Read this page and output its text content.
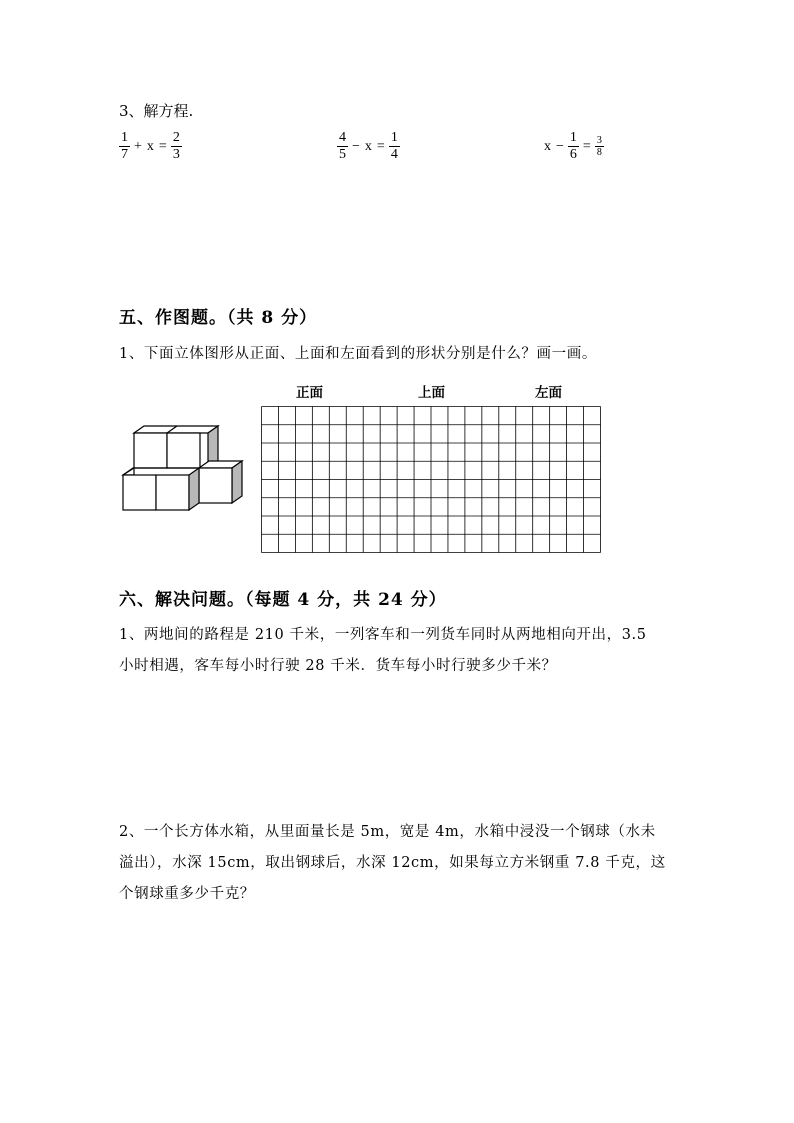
3、解方程.
$\frac{1}{7} + x = \frac{2}{3}$	$\frac{4}{5} - x = \frac{1}{4}$	$x - \frac{1}{6} = \frac{3}{8}$
五、作图题。（共 8 分）
1、下面立体图形从正面、上面和左面看到的形状分别是什么？画一画。
正面	上面	左面
六、解决问题。（每题 4 分，共 24 分）
1、两地间的路程是 210 千米，一列客车和一列货车同时从两地相向开出，3.5
小时相遇，客车每小时行驶 28 千米．货车每小时行驶多少千米？
2、一个长方体水箱，从里面量长是 5m，宽是 4m，水箱中浸没一个钢球（水未
溢出），水深 15cm，取出钢球后，水深 12cm，如果每立方米钢重 7.8 千克，这
个钢球重多少千克？
